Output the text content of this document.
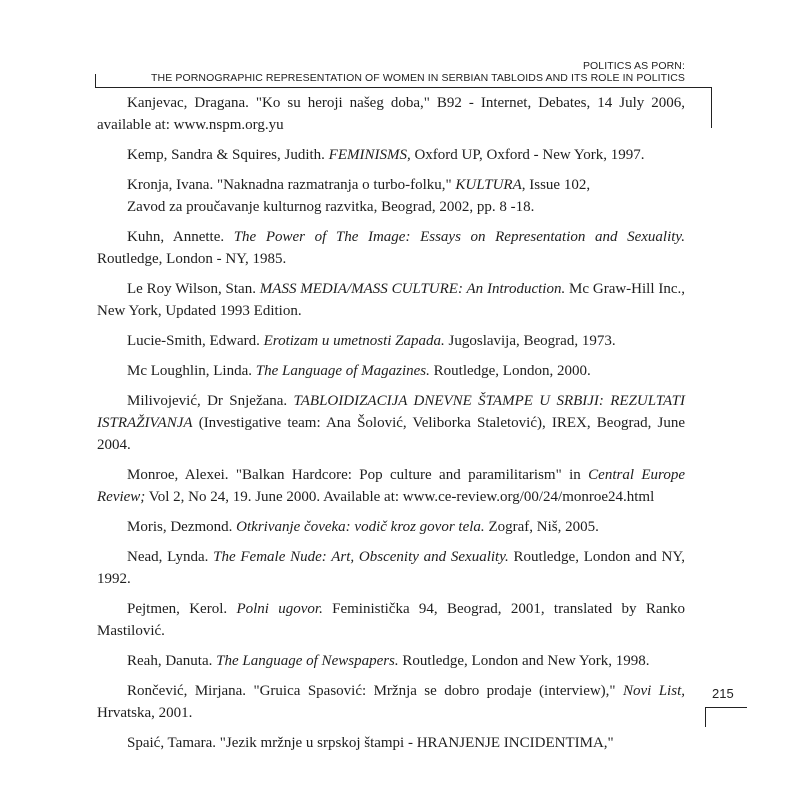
POLITICS AS PORN:
THE PORNOGRAPHIC REPRESENTATION OF WOMEN IN SERBIAN TABLOIDS AND ITS ROLE IN POLITICS

Kanjevac, Dragana. "Ko su heroji našeg doba," B92 - Internet, Debates, 14 July 2006, available at: www.nspm.org.yu

Kemp, Sandra & Squires, Judith. FEMINISMS, Oxford UP, Oxford - New York, 1997.

Kronja, Ivana. "Naknadna razmatranja o turbo-folku," KULTURA, Issue 102,

Zavod za proučavanje kulturnog razvitka, Beograd, 2002, pp. 8 -18.

Kuhn, Annette. The Power of The Image: Essays on Representation and Sexuality. Routledge, London - NY, 1985.

Le Roy Wilson, Stan. MASS MEDIA/MASS CULTURE: An Introduction. Mc Graw-Hill Inc., New York, Updated 1993 Edition.

Lucie-Smith, Edward. Erotizam u umetnosti Zapada. Jugoslavija, Beograd, 1973.

Mc Loughlin, Linda. The Language of Magazines. Routledge, London, 2000.

Milivojević, Dr Snježana. TABLOIDIZACIJA DNEVNE ŠTAMPE U SRBIJI: REZULTATI ISTRAŽIVANJA (Investigative team: Ana Šolović, Veliborka Staletović), IREX, Beograd, June 2004.

Monroe, Alexei. "Balkan Hardcore: Pop culture and paramilitarism" in Central Europe Review; Vol 2, No 24, 19. June 2000. Available at: www.ce-review.org/00/24/monroe24.html

Moris, Dezmond. Otkrivanje čoveka: vodič kroz govor tela. Zograf, Niš, 2005.

Nead, Lynda. The Female Nude: Art, Obscenity and Sexuality. Routledge, London and NY, 1992.

Pejtmen, Kerol. Polni ugovor. Feministička 94, Beograd, 2001, translated by Ranko Mastilović.

Reah, Danuta. The Language of Newspapers. Routledge, London and New York, 1998.

Rončević, Mirjana. "Gruica Spasović: Mržnja se dobro prodaje (interview)," Novi List, Hrvatska, 2001.

Spaić, Tamara. "Jezik mržnje u srpskoj štampi - HRANJENJE INCIDENTIMA,"

215
